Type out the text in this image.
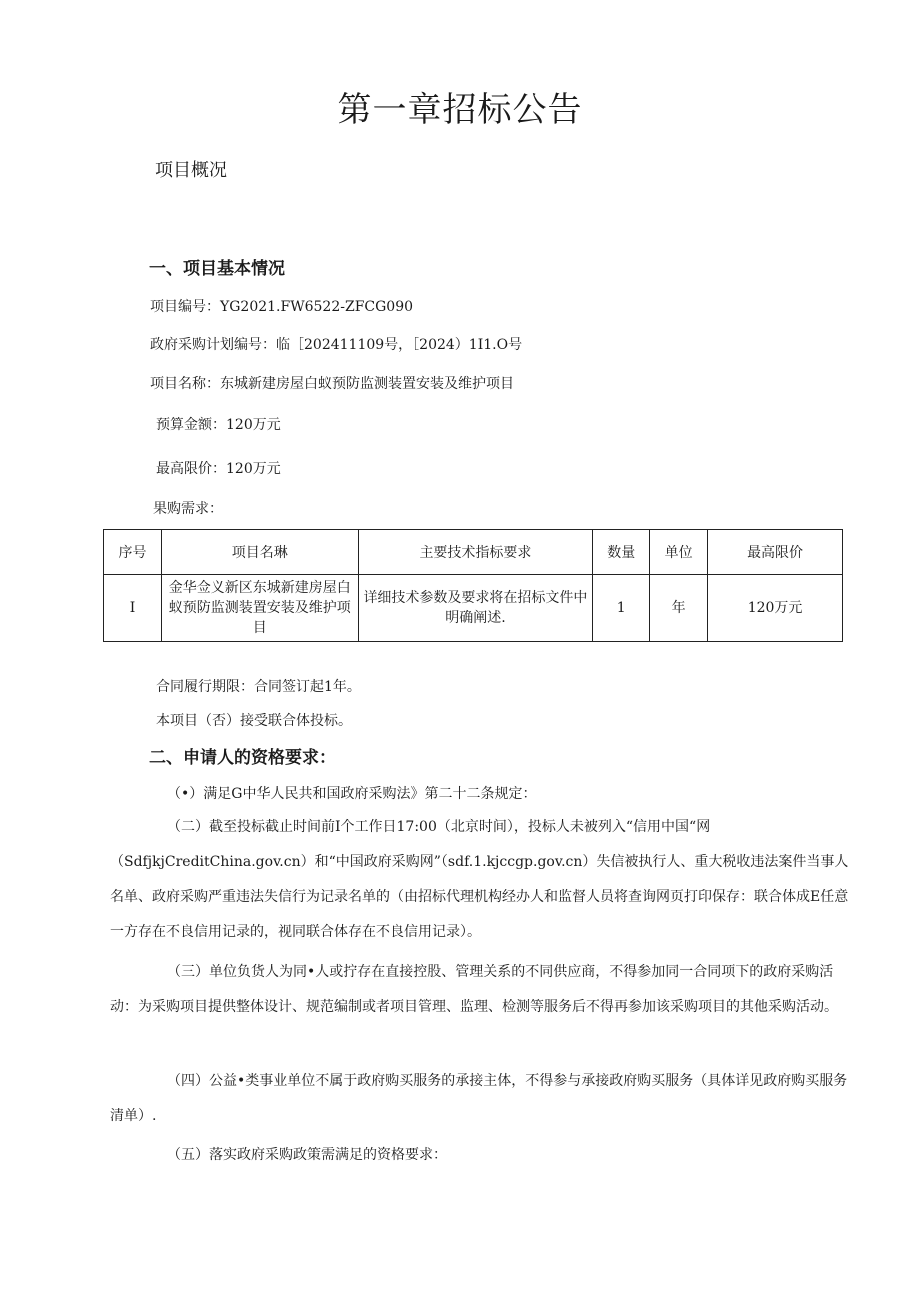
第一章招标公告
项目概况
一、项目基本情况
项目编号：YG2021.FW6522-ZFCG090
政府采购计划编号：临［202411109号，［2024）1I1.O号
项目名称：东城新建房屋白蚁预防监测装置安装及维护项目
预算金额：120万元
最高限价：120万元
果购需求：
序号	项目名琳	主要技术指标要求	数量	单位	最高限价
I	金华佥义新区东城新建房屋白蚁预防监测装置安装及维护项目	详细技术参数及要求将在招标文件中明确阐述.	1	年	120万元
合同履行期限：合同签订起1年。
本项目（否）接受联合体投标。
二、申请人的资格要求：
（•）满足G中华人民共和国政府采购法》第二十二条规定：
（二）截至投标截止时间前I个工作日17:00（北京时间），投标人未被列入“信用中国“网（SdfjkjCreditChina.gov.cn）和“中国政府采购网”（sdf.1.kjccgp.gov.cn）失信被执行人、重大税收违法案件当事人名单、政府采购严重违法失信行为记录名单的（由招标代理机构经办人和监督人员将查询网页打印保存：联合体成E任意一方存在不良信用记录的，视同联合体存在不良信用记录）。
（三）单位负货人为同•人或拧存在直接控股、管理关系的不同供应商，不得参加同一合同项下的政府采购活动：为采购项目提供整体设计、规范编制或者项目管理、监理、检测等服务后不得再参加该采购项目的其他采购活动。
（四）公益•类事业单位不属于政府购买服务的承接主体，不得参与承接政府购买服务（具体详见政府购买服务清单）.
（五）落实政府采购政策需满足的资格要求：
